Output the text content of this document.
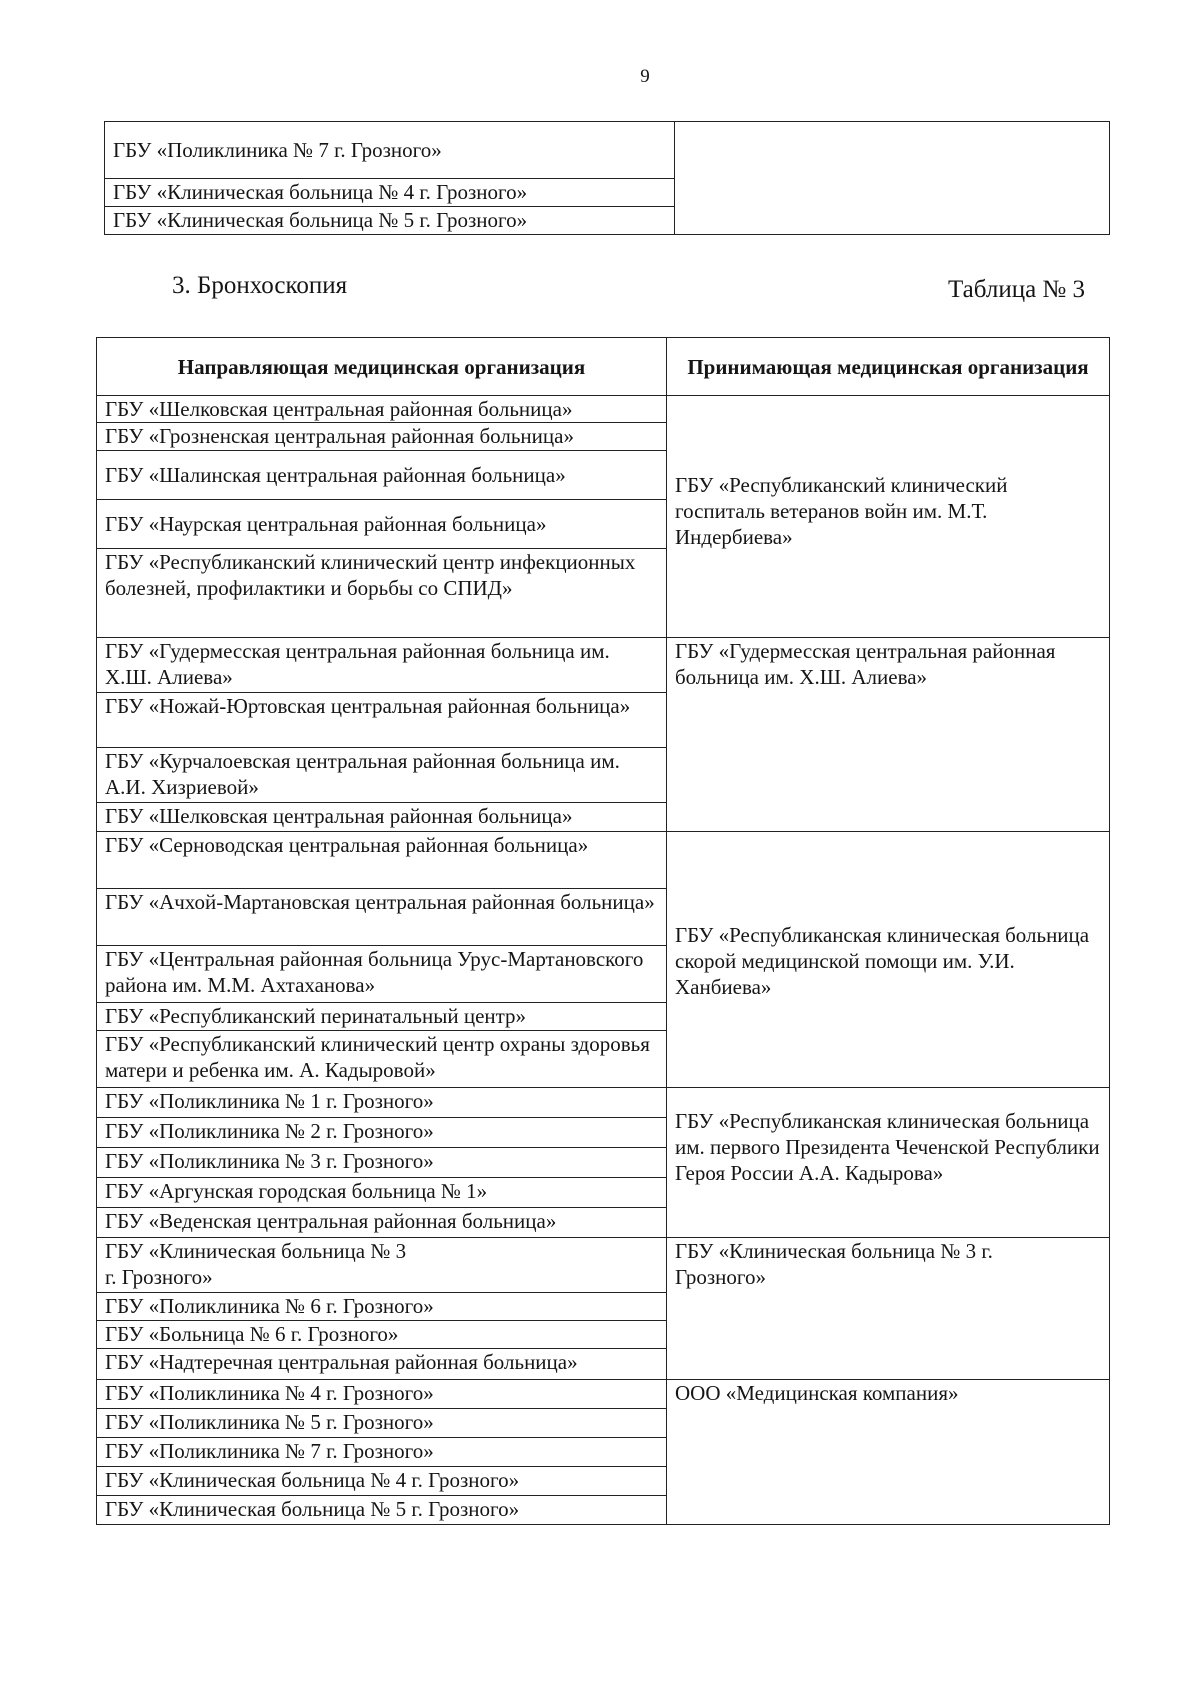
9
ГБУ «Поликлиника № 7 г. Грозного»	
ГБУ «Клиническая больница № 4 г. Грозного»
ГБУ «Клиническая больница № 5 г. Грозного»
3. Бронхоскопия	Таблица № 3
Направляющая медицинская организация	Принимающая медицинская организация
ГБУ «Шелковская центральная районная больница»	ГБУ «Республиканский клинический госпиталь ветеранов войн им. М.Т. Индербиева»
ГБУ «Грозненская центральная районная больница»	
ГБУ «Шалинская центральная районная больница»	
ГБУ «Наурская центральная районная больница»	
ГБУ «Республиканский клинический центр инфекционных болезней, профилактики и борьбы со СПИД»	
ГБУ «Гудермесская центральная районная больница им. Х.Ш. Алиева»	ГБУ «Гудермесская центральная районная больница им. Х.Ш. Алиева»
ГБУ «Ножай-Юртовская центральная районная больница»	
ГБУ «Курчалоевская центральная районная больница им. А.И. Хизриевой»	
ГБУ «Шелковская центральная районная больница»	
ГБУ «Серноводская центральная районная больница»	ГБУ «Республиканская клиническая больница скорой медицинской помощи им. У.И. Ханбиева»
ГБУ «Ачхой-Мартановская центральная районная больница»	
ГБУ «Центральная районная больница Урус-Мартановского района им. М.М. Ахтаханова»	
ГБУ «Республиканский перинатальный центр»	
ГБУ «Республиканский клинический центр охраны здоровья матери и ребенка им. А. Кадыровой»	
ГБУ «Поликлиника № 1 г. Грозного»	ГБУ «Республиканская клиническая больница им. первого Президента Чеченской Республики Героя России А.А. Кадырова»
ГБУ «Поликлиника № 2 г. Грозного»	
ГБУ «Поликлиника № 3 г. Грозного»	
ГБУ «Аргунская городская больница № 1»	
ГБУ «Веденская центральная районная больница»	
ГБУ «Клиническая больница № 3 г. Грозного»	ГБУ «Клиническая больница № 3 г. Грозного»
ГБУ «Поликлиника № 6 г. Грозного»	
ГБУ «Больница № 6 г. Грозного»	
ГБУ «Надтеречная центральная районная больница»	
ГБУ «Поликлиника № 4 г. Грозного»	ООО «Медицинская компания»
ГБУ «Поликлиника № 5 г. Грозного»	
ГБУ «Поликлиника № 7 г. Грозного»	
ГБУ «Клиническая больница № 4 г. Грозного»	
ГБУ «Клиническая больница № 5 г. Грозного»	
